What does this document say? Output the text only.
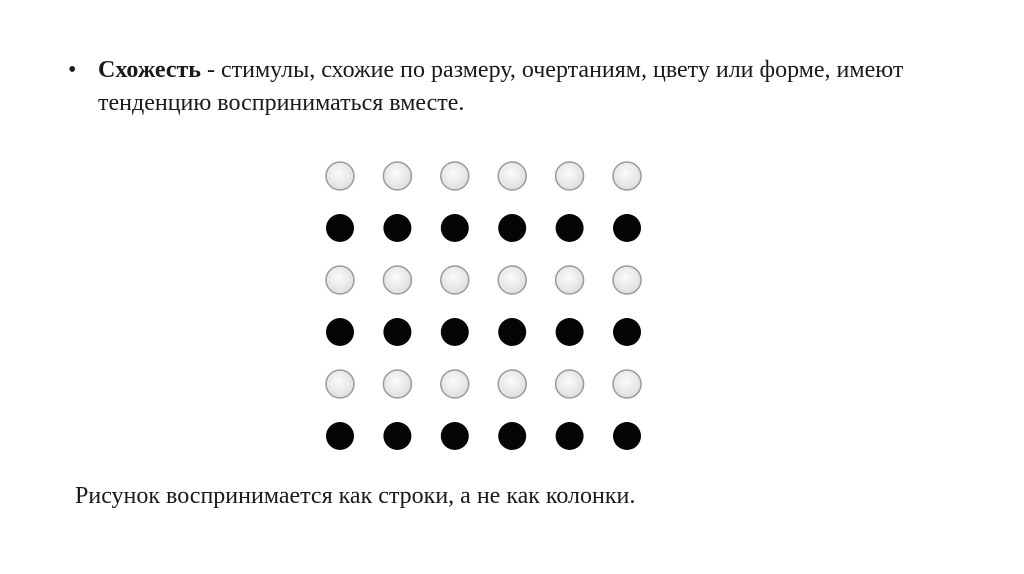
• Схожесть - стимулы, схожие по размеру, очертаниям, цвету или форме, имеют тенденцию восприниматься вместе.
Рисунок воспринимается как строки, а не как колонки.
